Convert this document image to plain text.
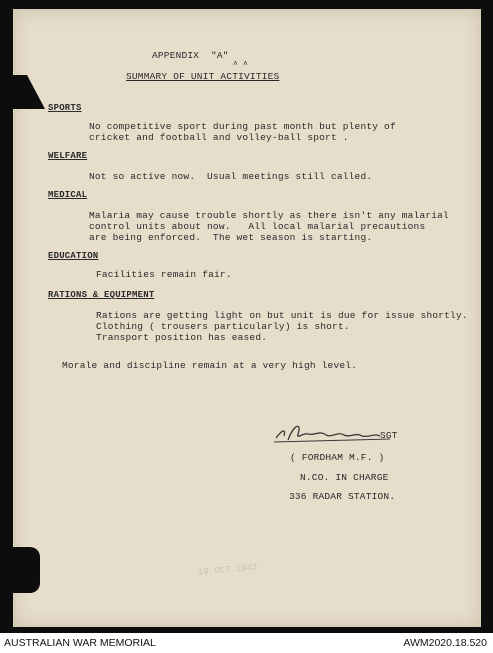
APPENDIX  "A"
˄ ˄
SUMMARY OF UNIT ACTIVITIES
SPORTS
No competitive sport during past month but plenty of
cricket and football and volley-ball sport .
WELFARE
Not so active now.  Usual meetings still called.
MEDICAL
Malaria may cause trouble shortly as there isn't any malarial
control units about now.   All local malarial precautions
are being enforced.  The wet season is starting.
EDUCATION
Facilities remain fair.
RATIONS & EQUIPMENT
Rations are getting light on but unit is due for issue shortly.
Clothing ( trousers particularly) is short.
Transport position has eased.
Morale and discipline remain at a very high level.
SGT
( FORDHAM M.F. )
N.CO. IN CHARGE
336 RADAR STATION.
19 OCT 1943
AUSTRALIAN WAR MEMORIAL	AWM2020.18.520
